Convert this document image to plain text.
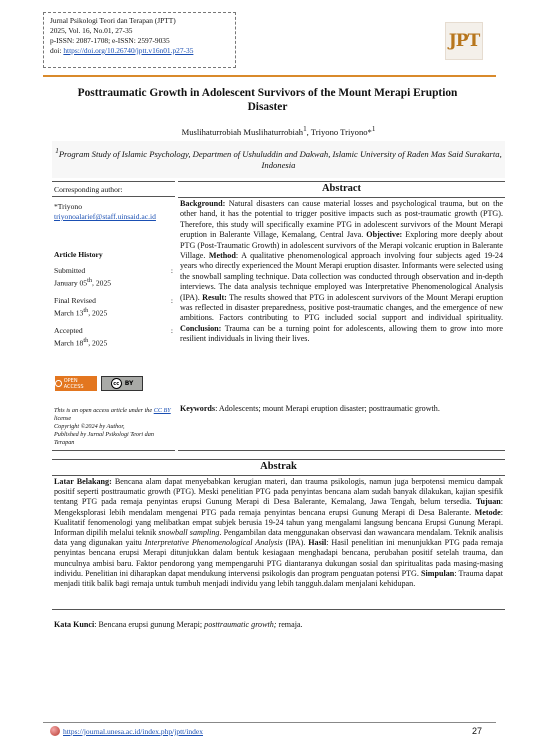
Jurnal Psikologi Teori dan Terapan (JPTT)
2025, Vol. 16, No.01, 27-35
p-ISSN: 2087-1708; e-ISSN: 2597-9035
doi: https://doi.org/10.26740/jptt.v16n01.p27-35	JPT
Posttraumatic Growth in Adolescent Survivors of the Mount Merapi Eruption Disaster
Muslihaturrobiah Muslihaturrobiah$^1$, Triyono Triyono*$^1$
$^1$Program Study of Islamic Psychology, Departmen of Ushuluddin and Dakwah, Islamic University of Raden Mas Said Surakarta, Indonesia
Corresponding author:
*Triyono
triyonoalarief@staff.uinsaid.ac.id
Article History
Submitted	:
January 05th, 2025
Final Revised	:
March 13th, 2025
Accepted	:
March 18th, 2025
OPEN ACCESS	cc BY
This is an open access article under the CC BY license
Copyright ©2024 by Author,
Published by Jurnal Psikologi Teori dan Terapan
Abstract
Background: Natural disasters can cause material losses and psychological trauma, but on the other hand, it has the potential to trigger positive impacts such as post-traumatic growth (PTG). Therefore, this study will specifically examine PTG in adolescent survivors of the Mount Merapi eruption in Balerante Village, Kemalang, Central Java. Objective: Exploring more deeply about PTG (Post-Traumatic Growth) in adolescent survivors of the Merapi volcanic eruption in Balerante Village. Method: A qualitative phenomenological approach involving four subjects aged 19-24 years who directly experienced the Mount Merapi eruption disaster. Informants were selected using the snowball sampling technique. Data collection was conducted through observation and in-depth interviews. The data analysis technique employed was Interpretative Phenomenological Analysis (IPA). Result: The results showed that PTG in adolescent survivors of the Mount Merapi eruption was reflected in disaster preparedness, positive post-traumatic changes, and the emergence of new ambitions. Factors contributing to PTG included social support and individual spirituality. Conclusion: Trauma can be a turning point for adolescents, allowing them to grow into more resilient individuals in living their lives.
Keywords: Adolescents; mount Merapi eruption disaster; posttraumatic growth.
Abstrak
Latar Belakang: Bencana alam dapat menyebabkan kerugian materi, dan trauma psikologis, namun juga berpotensi memicu dampak positif seperti posttraumatic growth (PTG). Meski penelitian PTG pada penyintas bencana alam sudah banyak dilakukan, kajian spesifik tentang PTG pada remaja penyintas erupsi Gunung Merapi di Desa Balerante, Kemalang, Jawa Tengah, belum tersedia. Tujuan: Mengeksplorasi lebih mendalam mengenai PTG pada remaja penyintas bencana erupsi Gunung Merapi di Desa Balerante. Metode: Kualitatif fenomenologi yang melibatkan empat subjek berusia 19-24 tahun yang mengalami langsung bencana Erupsi Gunung Merapi. Informan dipilih melalui teknik snowball sampling. Pengambilan data menggunakan observasi dan wawancara mendalam. Teknik analisis data yang digunakan yaitu Interpretative Phenomenological Analysis (IPA). Hasil: Hasil penelitian ini menunjukkan PTG pada remaja penyintas bencana erupsi Merapi ditunjukkan dalam bentuk kesiagaan menghadapi bencana, perubahan positif setelah trauma, dan munculnya ambisi baru. Faktor pendorong yang mempengaruhi PTG diantaranya dukungan sosial dan spiritualitas pada masing-masing individu. Penelitian ini diharapkan dapat mendukung intervensi psikologis dan program penguatan potensi PTG. Simpulan: Trauma dapat menjadi titik balik bagi remaja untuk tumbuh menjadi individu yang lebih tangguh.dalam menjalani kehidupan.
Kata Kunci: Bencana erupsi gunung Merapi; posttraumatic growth; remaja.
https://journal.unesa.ac.id/index.php/jptt/index	27
